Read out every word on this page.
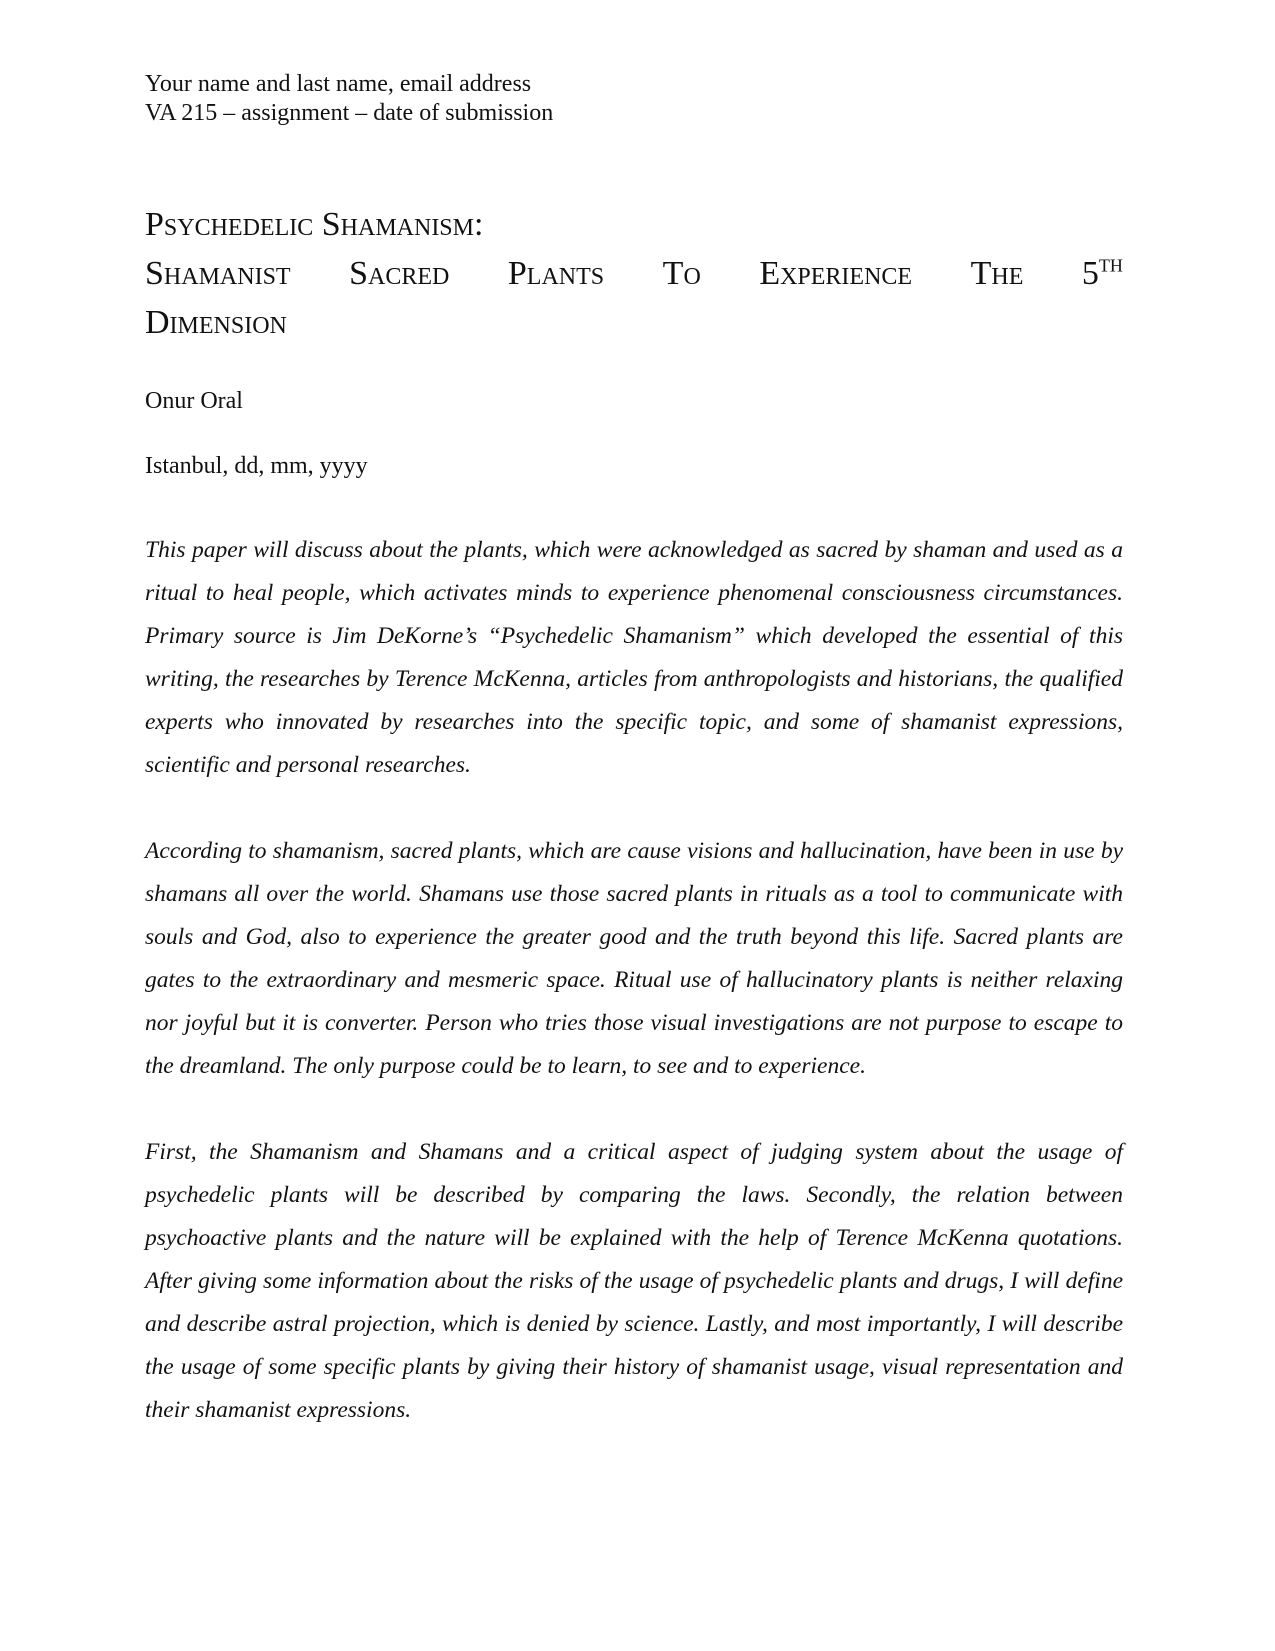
Your name and last name, email address
VA 215 – assignment – date of submission
Psychedelic Shamanism:
Shamanist Sacred Plants To Experience The 5TH
Dimension
Onur Oral
Istanbul, dd, mm, yyyy

This paper will discuss about the plants, which were acknowledged as sacred by shaman and used as a ritual to heal people, which activates minds to experience phenomenal consciousness circumstances. Primary source is Jim DeKorne’s “Psychedelic Shamanism” which developed the essential of this writing, the researches by Terence McKenna, articles from anthropologists and historians, the qualified experts who innovated by researches into the specific topic, and some of shamanist expressions, scientific and personal researches.

According to shamanism, sacred plants, which are cause visions and hallucination, have been in use by shamans all over the world. Shamans use those sacred plants in rituals as a tool to communicate with souls and God, also to experience the greater good and the truth beyond this life. Sacred plants are gates to the extraordinary and mesmeric space. Ritual use of hallucinatory plants is neither relaxing nor joyful but it is converter. Person who tries those visual investigations are not purpose to escape to the dreamland. The only purpose could be to learn, to see and to experience.

First, the Shamanism and Shamans and a critical aspect of judging system about the usage of psychedelic plants will be described by comparing the laws. Secondly, the relation between psychoactive plants and the nature will be explained with the help of Terence McKenna quotations. After giving some information about the risks of the usage of psychedelic plants and drugs, I will define and describe astral projection, which is denied by science. Lastly, and most importantly, I will describe the usage of some specific plants by giving their history of shamanist usage, visual representation and their shamanist expressions.
